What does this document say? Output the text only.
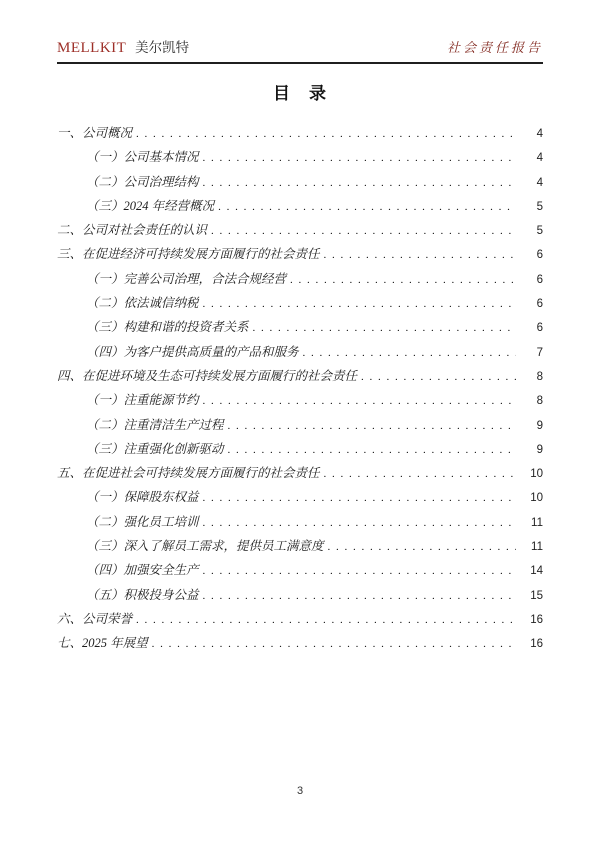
MELLKIT 美尔凯特	社会责任报告
目　录
一、公司概况 . . .	4
（一）公司基本情况 . . .	4
（二）公司治理结构 . . .	4
（三）2024 年经营概况 . . .	5
二、公司对社会责任的认识 . . .	5
三、在促进经济可持续发展方面履行的社会责任 . . .	6
（一）完善公司治理，合法合规经营 . . .	6
（二）依法诚信纳税 . . .	6
（三）构建和谐的投资者关系 . . .	6
（四）为客户提供高质量的产品和服务 . . .	7
四、在促进环境及生态可持续发展方面履行的社会责任 . . .	8
（一）注重能源节约 . . .	8
（二）注重清洁生产过程 . . .	9
（三）注重强化创新驱动 . . .	9
五、在促进社会可持续发展方面履行的社会责任 . . .	10
（一）保障股东权益 . . .	10
（二）强化员工培训 . . .	11
（三）深入了解员工需求，提供员工满意度 . . .	11
（四）加强安全生产 . . .	14
（五）积极投身公益 . . .	15
六、公司荣誉 . . .	16
七、2025 年展望 . . .	16
3
